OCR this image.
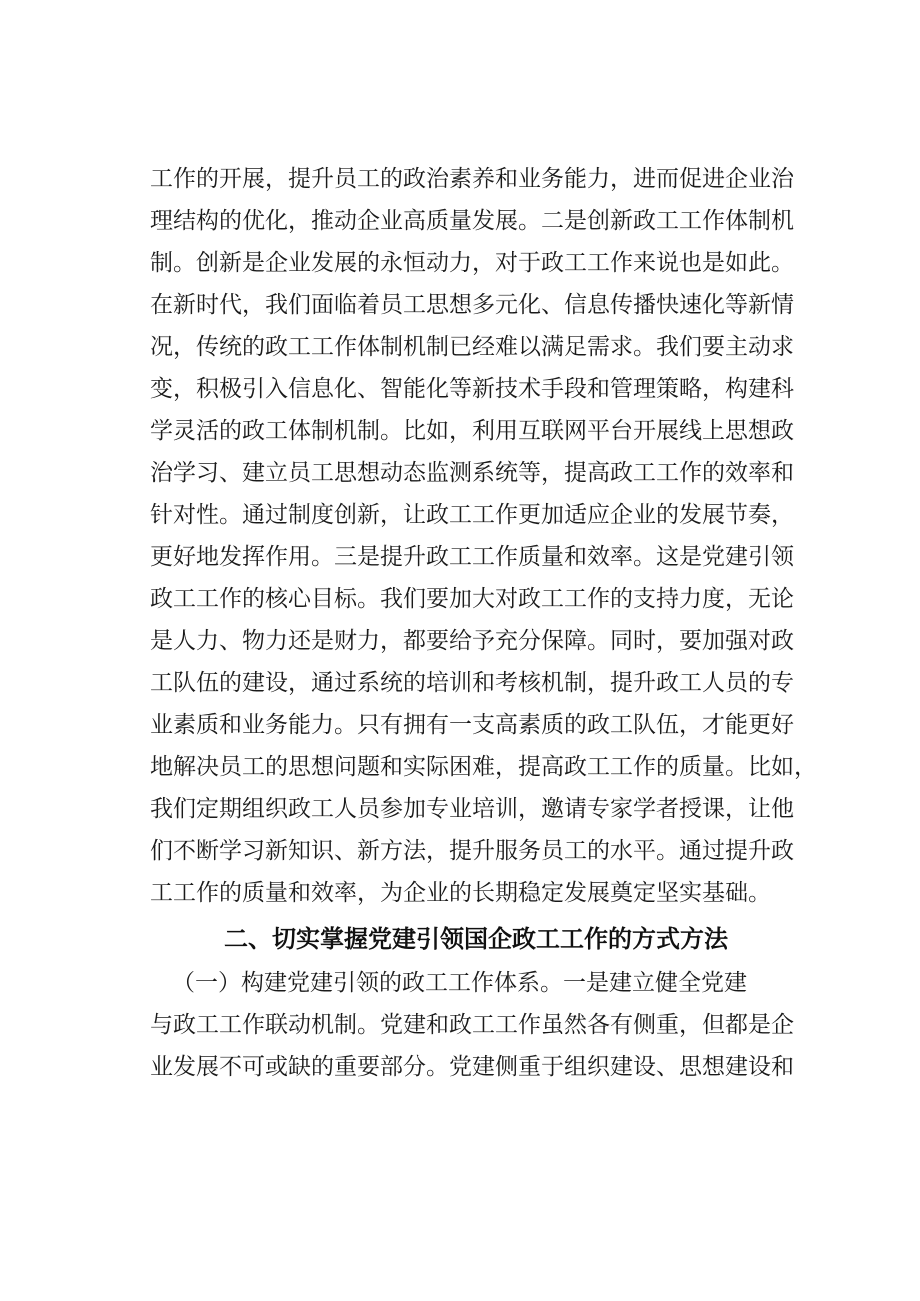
工作的开展，提升员工的政治素养和业务能力，进而促进企业治
理结构的优化，推动企业高质量发展。二是创新政工工作体制机
制。创新是企业发展的永恒动力，对于政工工作来说也是如此。
在新时代，我们面临着员工思想多元化、信息传播快速化等新情
况，传统的政工工作体制机制已经难以满足需求。我们要主动求
变，积极引入信息化、智能化等新技术手段和管理策略，构建科
学灵活的政工体制机制。比如，利用互联网平台开展线上思想政
治学习、建立员工思想动态监测系统等，提高政工工作的效率和
针对性。通过制度创新，让政工工作更加适应企业的发展节奏，
更好地发挥作用。三是提升政工工作质量和效率。这是党建引领
政工工作的核心目标。我们要加大对政工工作的支持力度，无论
是人力、物力还是财力，都要给予充分保障。同时，要加强对政
工队伍的建设，通过系统的培训和考核机制，提升政工人员的专
业素质和业务能力。只有拥有一支高素质的政工队伍，才能更好
地解决员工的思想问题和实际困难，提高政工工作的质量。比如，
我们定期组织政工人员参加专业培训，邀请专家学者授课，让他
们不断学习新知识、新方法，提升服务员工的水平。通过提升政
工工作的质量和效率，为企业的长期稳定发展奠定坚实基础。
二、切实掌握党建引领国企政工工作的方式方法
（一）构建党建引领的政工工作体系。一是建立健全党建
与政工工作联动机制。党建和政工工作虽然各有侧重，但都是企
业发展不可或缺的重要部分。党建侧重于组织建设、思想建设和
